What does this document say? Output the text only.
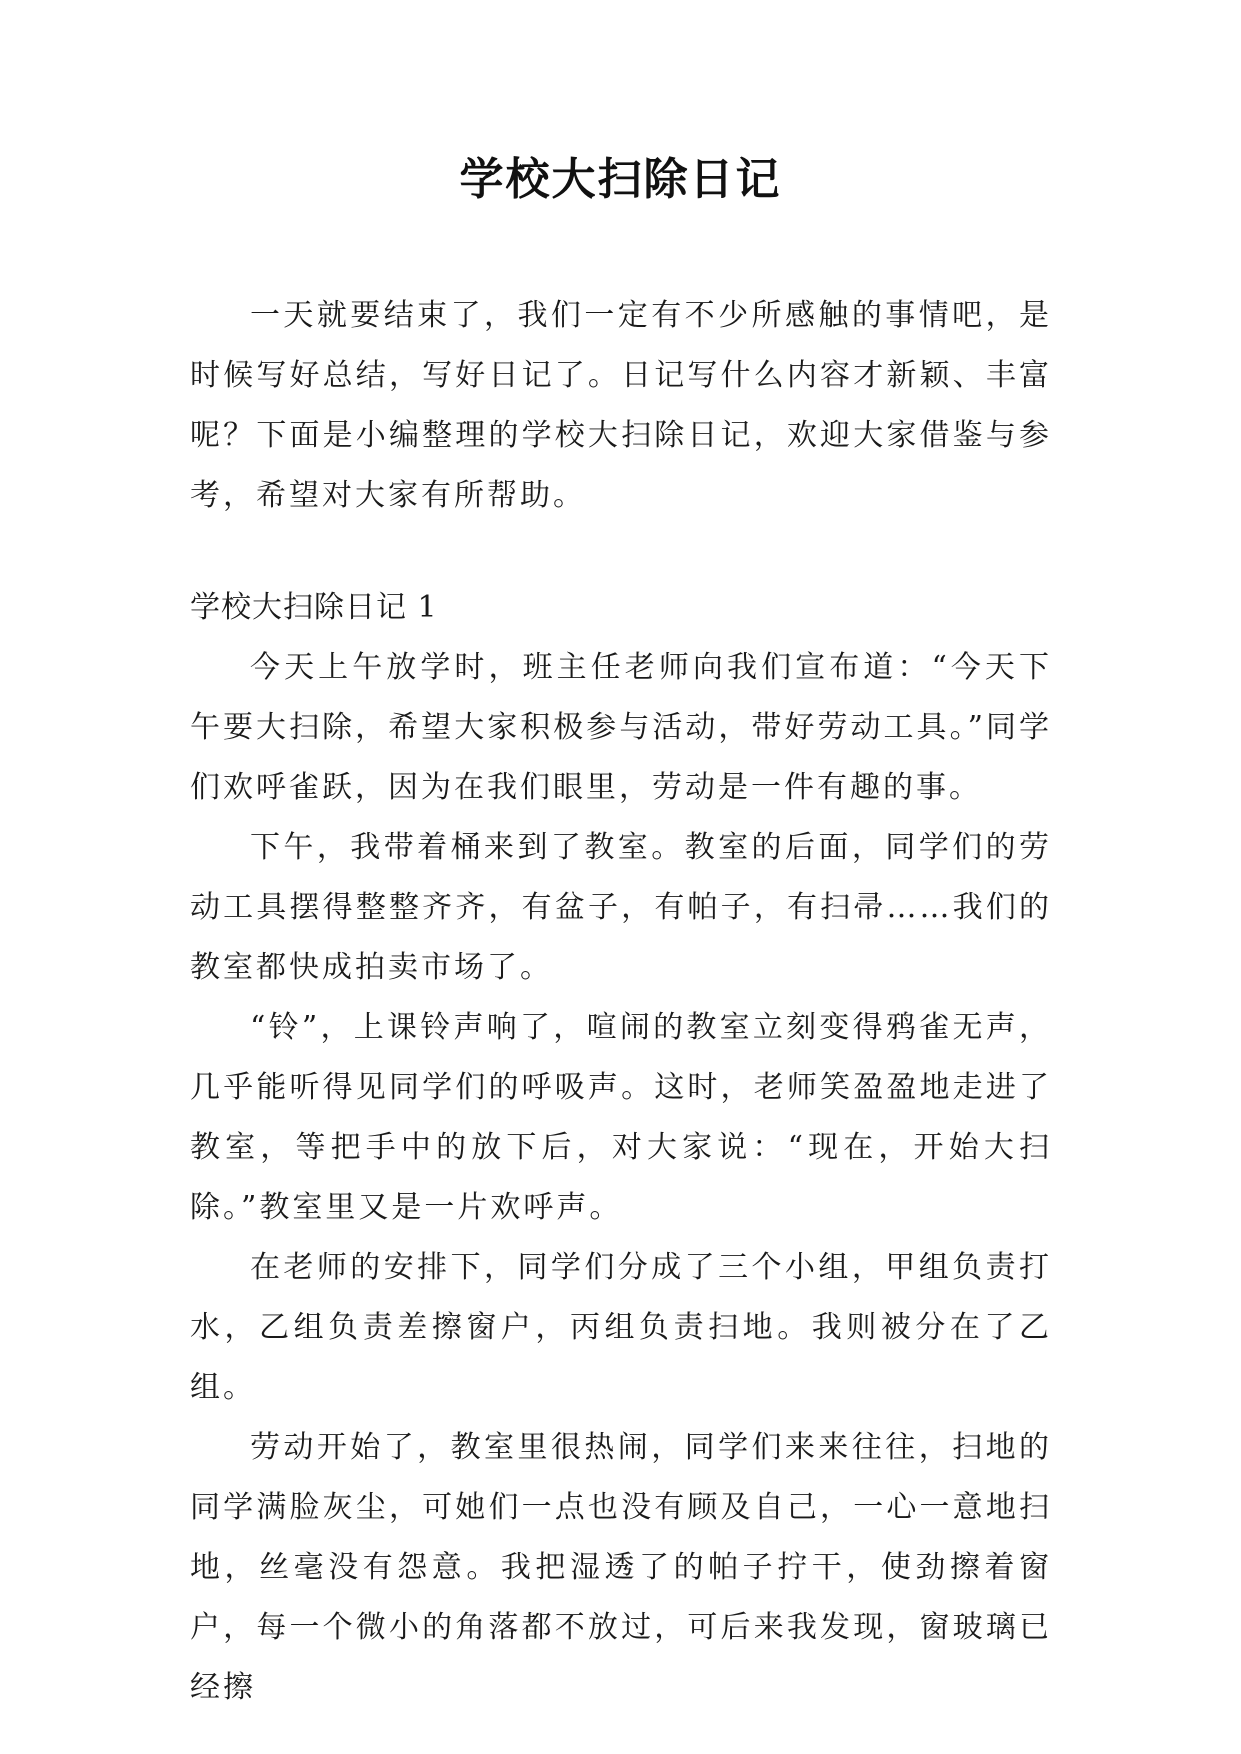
学校大扫除日记

一天就要结束了，我们一定有不少所感触的事情吧，是时候写好总结，写好日记了。日记写什么内容才新颖、丰富呢？下面是小编整理的学校大扫除日记，欢迎大家借鉴与参考，希望对大家有所帮助。

学校大扫除日记 1

今天上午放学时，班主任老师向我们宣布道：“今天下午要大扫除，希望大家积极参与活动，带好劳动工具。”同学们欢呼雀跃，因为在我们眼里，劳动是一件有趣的事。

下午，我带着桶来到了教室。教室的后面，同学们的劳动工具摆得整整齐齐，有盆子，有帕子，有扫帚……我们的教室都快成拍卖市场了。

“铃”，上课铃声响了，喧闹的教室立刻变得鸦雀无声，几乎能听得见同学们的呼吸声。这时，老师笑盈盈地走进了教室，等把手中的放下后，对大家说：“现在，开始大扫除。”教室里又是一片欢呼声。

在老师的安排下，同学们分成了三个小组，甲组负责打水，乙组负责差擦窗户，丙组负责扫地。我则被分在了乙组。

劳动开始了，教室里很热闹，同学们来来往往，扫地的同学满脸灰尘，可她们一点也没有顾及自己，一心一意地扫地，丝毫没有怨意。我把湿透了的帕子拧干，使劲擦着窗户，每一个微小的角落都不放过，可后来我发现，窗玻璃已经擦
